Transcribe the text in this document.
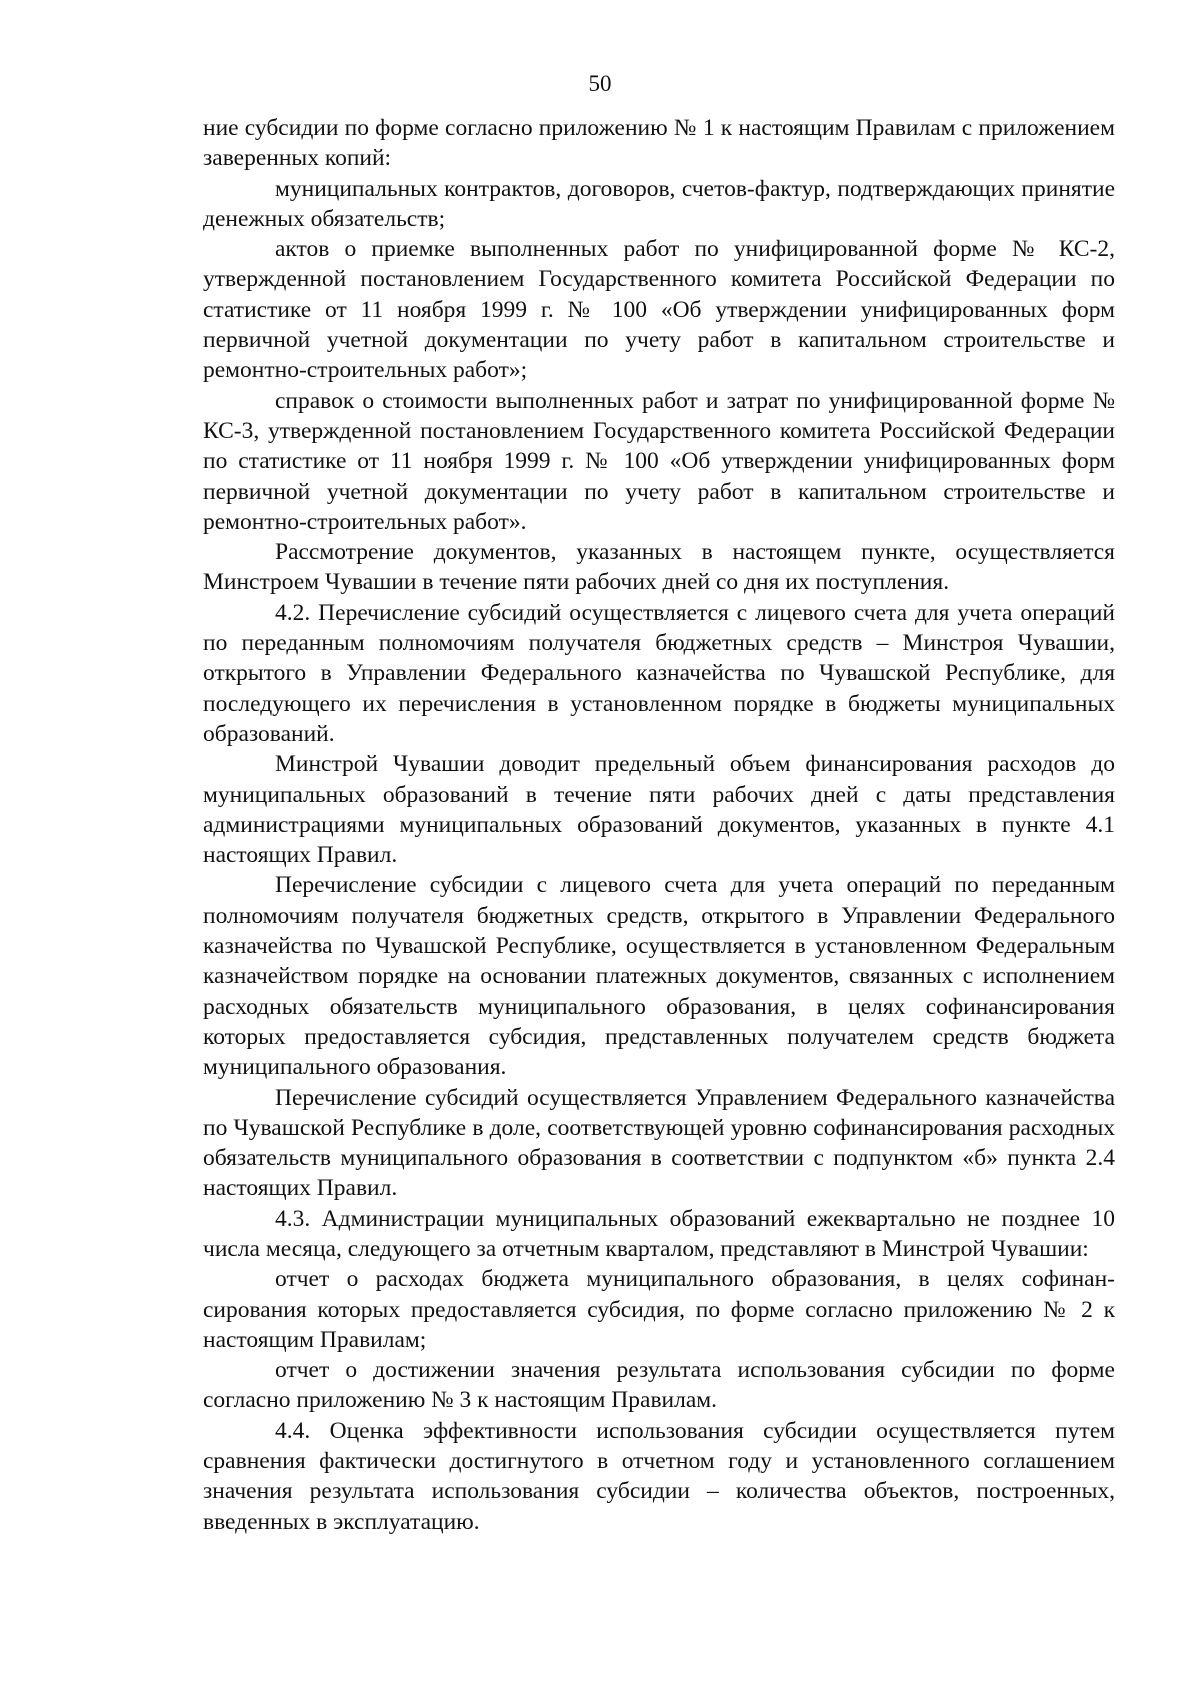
50

ние субсидии по форме согласно приложению № 1 к настоящим Правилам с приложением заверенных копий:

муниципальных контрактов, договоров, счетов-фактур, подтверждающих принятие денежных обязательств;

актов о приемке выполненных работ по унифицированной форме № КС-2, утвержденной постановлением Государственного комитета Российской Федерации по статистике от 11 ноября 1999 г. № 100 «Об утверждении унифицированных форм первичной учетной документации по учету работ в капитальном строительстве и ремонтно-строительных работ»;

справок о стоимости выполненных работ и затрат по унифицированной форме № КС-3, утвержденной постановлением Государственного комитета Российской Федерации по статистике от 11 ноября 1999 г. № 100 «Об утверждении унифицированных форм первичной учетной документации по учету работ в капитальном строительстве и ремонтно-строительных работ».

Рассмотрение документов, указанных в настоящем пункте, осуществляется Минстроем Чувашии в течение пяти рабочих дней со дня их поступления.

4.2. Перечисление субсидий осуществляется с лицевого счета для учета операций по переданным полномочиям получателя бюджетных средств – Минстроя Чувашии, открытого в Управлении Федерального казначейства по Чувашской Республике, для последующего их перечисления в установленном порядке в бюджеты муниципальных образований.

Минстрой Чувашии доводит предельный объем финансирования расходов до муниципальных образований в течение пяти рабочих дней с даты представления администрациями муниципальных образований документов, указанных в пункте 4.1 настоящих Правил.

Перечисление субсидии с лицевого счета для учета операций по переданным полномочиям получателя бюджетных средств, открытого в Управлении Федерального казначейства по Чувашской Республике, осуществляется в установленном Федеральным казначейством порядке на основании платежных документов, связанных с исполнением расходных обязательств муниципального образования, в целях софинансирования которых предоставляется субсидия, представленных получателем средств бюджета муниципального образования.

Перечисление субсидий осуществляется Управлением Федерального казначейства по Чувашской Республике в доле, соответствующей уровню софинансирования расходных обязательств муниципального образования в соответствии с подпунктом «б» пункта 2.4 настоящих Правил.

4.3. Администрации муниципальных образований ежеквартально не позднее 10 числа месяца, следующего за отчетным кварталом, представляют в Минстрой Чувашии:

отчет о расходах бюджета муниципального образования, в целях софинансирования которых предоставляется субсидия, по форме согласно приложению № 2 к настоящим Правилам;

отчет о достижении значения результата использования субсидии по форме согласно приложению № 3 к настоящим Правилам.

4.4. Оценка эффективности использования субсидии осуществляется путем сравнения фактически достигнутого в отчетном году и установленного соглашением значения результата использования субсидии – количества объектов, построенных, введенных в эксплуатацию.
